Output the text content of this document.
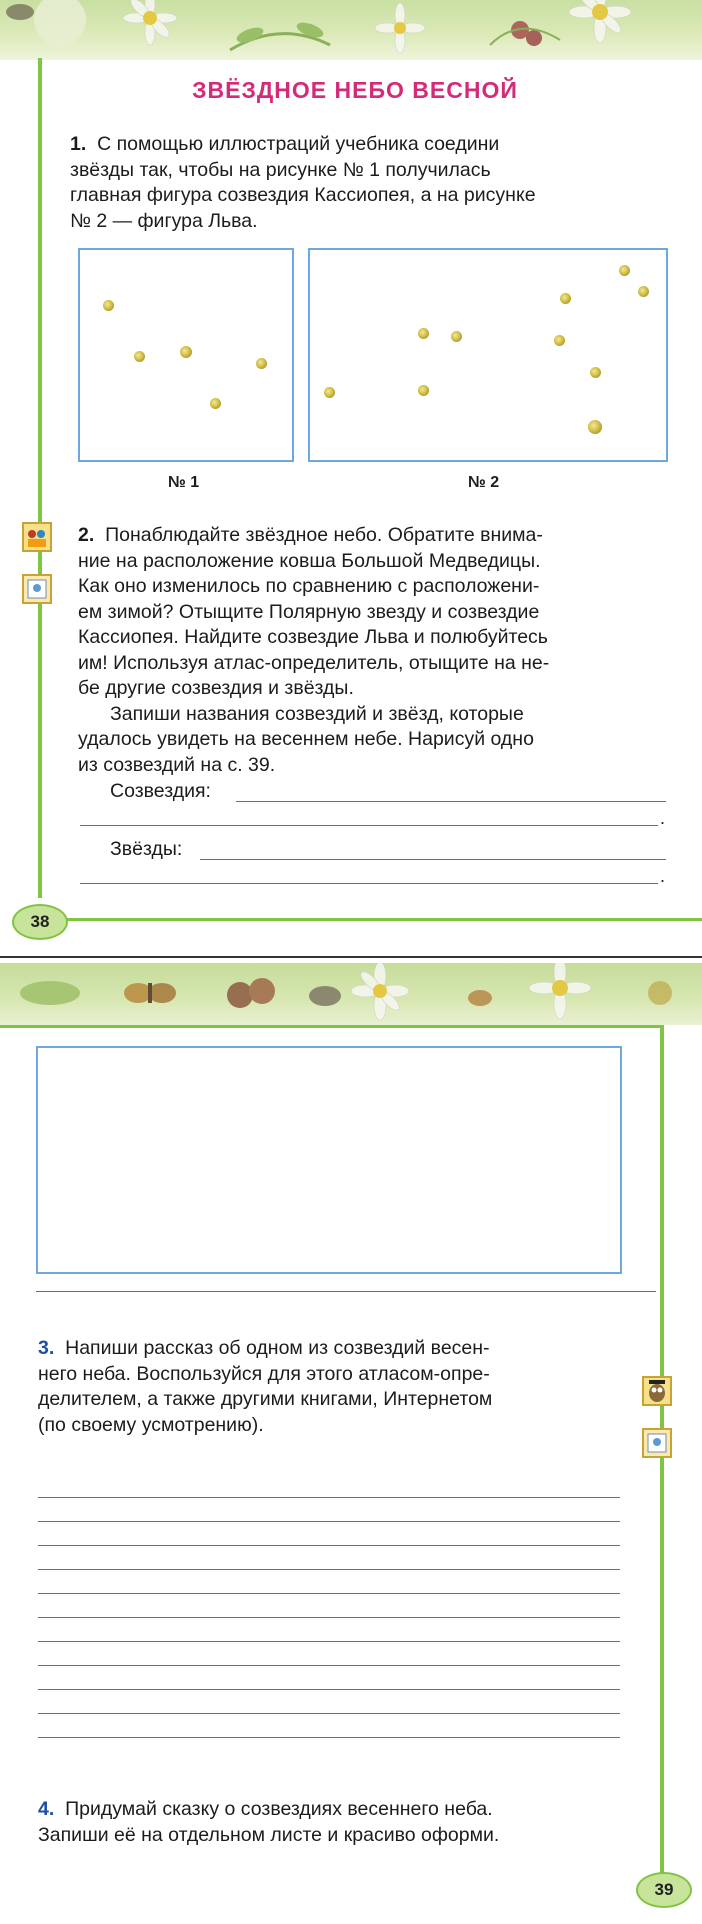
ЗВЁЗДНОЕ НЕБО ВЕСНОЙ
1. С помощью иллюстраций учебника соедини
звёзды так, чтобы на рисунке № 1 получилась
главная фигура созвездия Кассиопея, а на рисунке
№ 2 — фигура Льва.
№ 1	№ 2
2. Понаблюдайте звёздное небо. Обратите внима-
ние на расположение ковша Большой Медведицы.
Как оно изменилось по сравнению с расположени-
ем зимой? Отыщите Полярную звезду и созвездие
Кассиопея. Найдите созвездие Льва и полюбуйтесь
им! Используя атлас-определитель, отыщите на не-
бе другие созвездия и звёзды.
Запиши названия созвездий и звёзд, которые
удалось увидеть на весеннем небе. Нарисуй одно
из созвездий на с. 39.
Созвездия:
.
Звёзды:
.
38
3. Напиши рассказ об одном из созвездий весен-
него неба. Воспользуйся для этого атласом-опре-
делителем, а также другими книгами, Интернетом
(по своему усмотрению).
4. Придумай сказку о созвездиях весеннего неба.
Запиши её на отдельном листе и красиво оформи.
39
